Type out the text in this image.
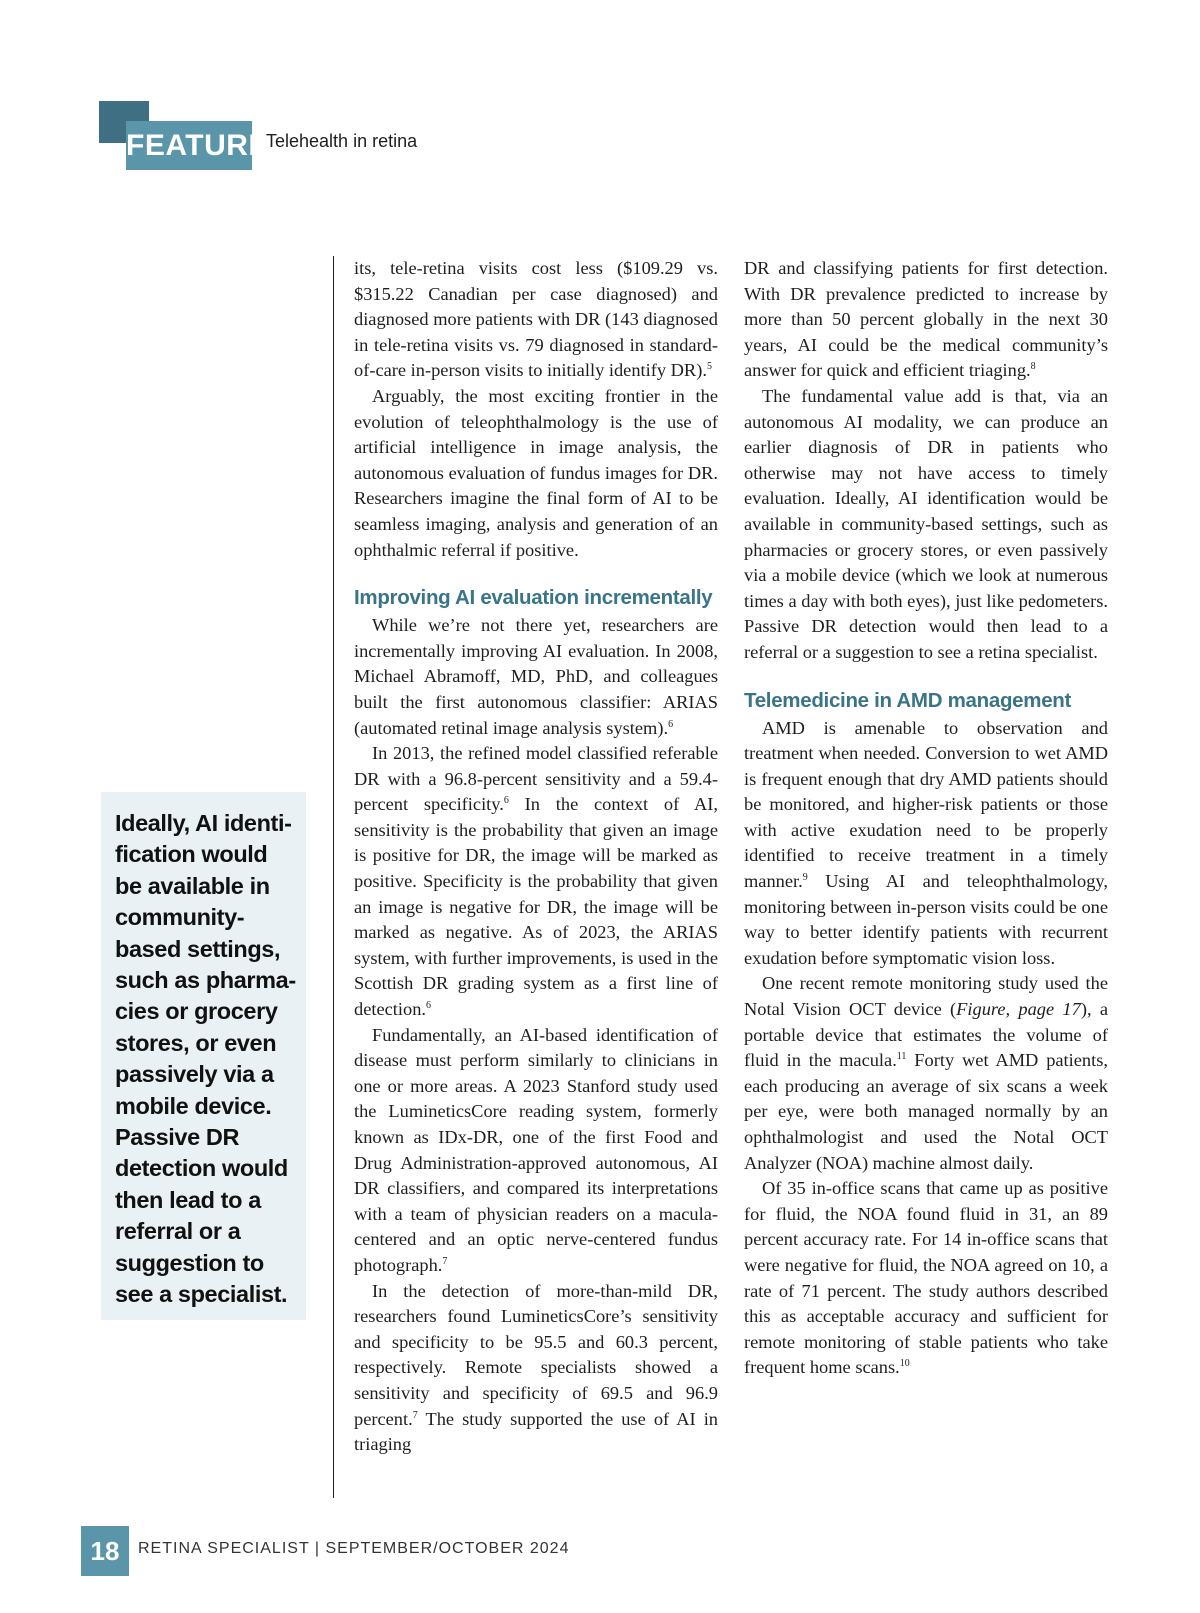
FEATURE
Telehealth in retina
Ideally, AI identi- fication would be available in community- based settings, such as pharma- cies or grocery stores, or even passively via a mobile device. Passive DR detection would then lead to a referral or a suggestion to see a specialist.

its, tele-retina visits cost less ($109.29 vs. $315.22 Canadian per case diagnosed) and diagnosed more patients with DR (143 diagnosed in tele-retina visits vs. 79 diagnosed in standard-of-care in-person visits to initially identify DR).$^5$

Arguably, the most exciting frontier in the evolution of teleophthalmology is the use of artificial intelligence in image analysis, the autonomous evaluation of fundus images for DR. Researchers imagine the final form of AI to be seamless imaging, analysis and generation of an ophthalmic referral if positive.

Improving AI evaluation incrementally

While we’re not there yet, researchers are incrementally improving AI evaluation. In 2008, Michael Abramoff, MD, PhD, and colleagues built the first autonomous classifier: ARIAS (automated retinal image analysis system).$^6$

In 2013, the refined model classified referable DR with a 96.8-percent sensitivity and a 59.4-percent specificity.$^6$ In the context of AI, sensitivity is the probability that given an image is positive for DR, the image will be marked as positive. Specificity is the probability that given an image is negative for DR, the image will be marked as negative. As of 2023, the ARIAS system, with further improvements, is used in the Scottish DR grading system as a first line of detection.$^6$

Fundamentally, an AI-based identification of disease must perform similarly to clinicians in one or more areas. A 2023 Stanford study used the LumineticsCore reading system, formerly known as IDx-DR, one of the first Food and Drug Administration-approved autonomous, AI DR classifiers, and compared its interpretations with a team of physician readers on a macula-centered and an optic nerve-centered fundus photograph.$^7$

In the detection of more-than-mild DR, researchers found LumineticsCore’s sensitivity and specificity to be 95.5 and 60.3 percent, respectively. Remote specialists showed a sensitivity and specificity of 69.5 and 96.9 percent.$^7$ The study supported the use of AI in triaging

DR and classifying patients for first detection. With DR prevalence predicted to increase by more than 50 percent globally in the next 30 years, AI could be the medical community’s answer for quick and efficient triaging.$^8$

The fundamental value add is that, via an autonomous AI modality, we can produce an earlier diagnosis of DR in patients who otherwise may not have access to timely evaluation. Ideally, AI identification would be available in community-based settings, such as pharmacies or grocery stores, or even passively via a mobile device (which we look at numerous times a day with both eyes), just like pedometers. Passive DR detection would then lead to a referral or a suggestion to see a retina specialist.

Telemedicine in AMD management

AMD is amenable to observation and treatment when needed. Conversion to wet AMD is frequent enough that dry AMD patients should be monitored, and higher-risk patients or those with active exudation need to be properly identified to receive treatment in a timely manner.$^9$ Using AI and teleophthalmology, monitoring between in-person visits could be one way to better identify patients with recurrent exudation before symptomatic vision loss.

One recent remote monitoring study used the Notal Vision OCT device (Figure, page 17), a portable device that estimates the volume of fluid in the macula.$^{11}$ Forty wet AMD patients, each producing an average of six scans a week per eye, were both managed normally by an ophthalmologist and used the Notal OCT Analyzer (NOA) machine almost daily.

Of 35 in-office scans that came up as positive for fluid, the NOA found fluid in 31, an 89 percent accuracy rate. For 14 in-office scans that were negative for fluid, the NOA agreed on 10, a rate of 71 percent. The study authors described this as acceptable accuracy and sufficient for remote monitoring of stable patients who take frequent home scans.$^{10}$

18	RETINA SPECIALIST | SEPTEMBER/OCTOBER 2024
